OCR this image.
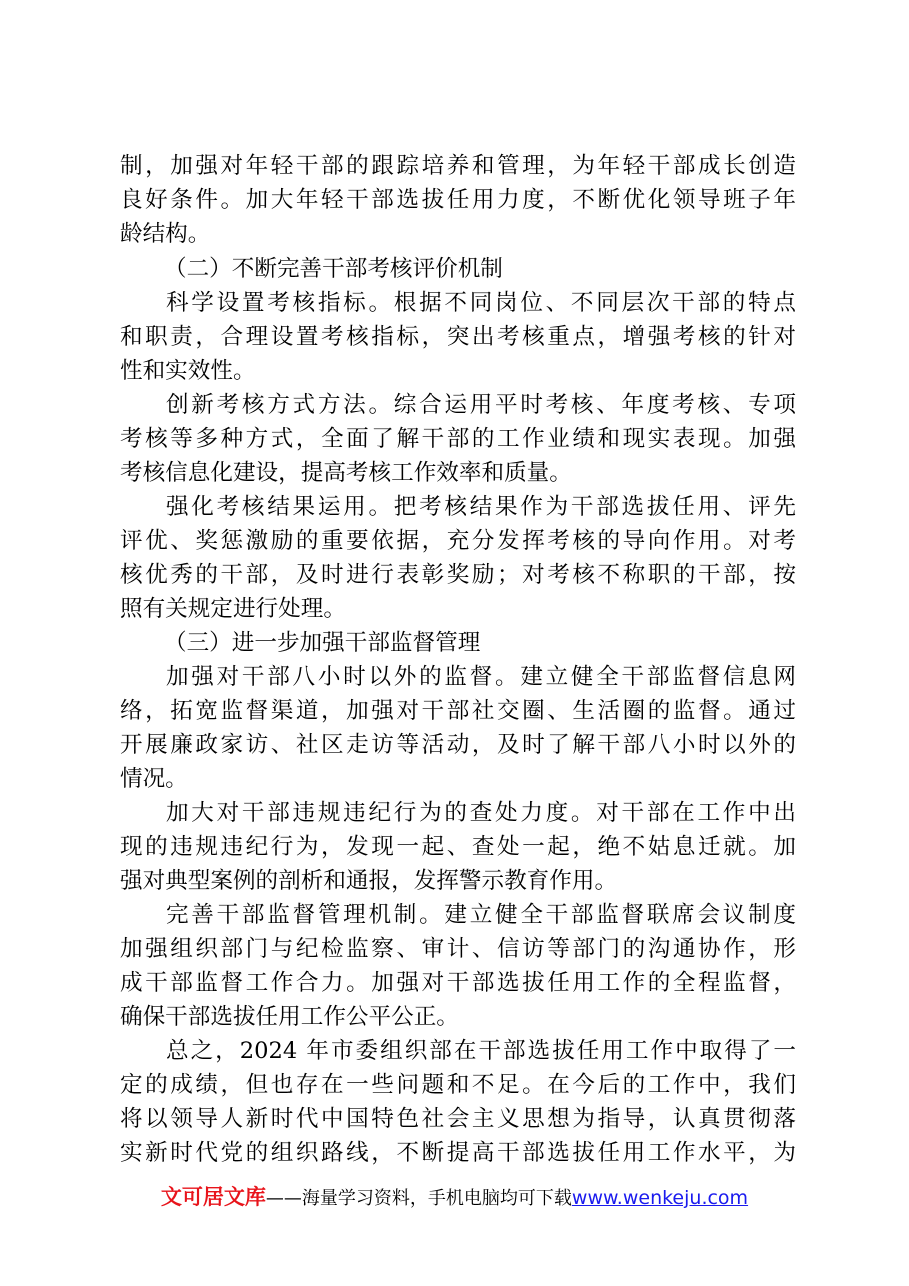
制，加强对年轻干部的跟踪培养和管理，为年轻干部成长创造
良好条件。加大年轻干部选拔任用力度，不断优化领导班子年
龄结构。
（二）不断完善干部考核评价机制
科学设置考核指标。根据不同岗位、不同层次干部的特点
和职责，合理设置考核指标，突出考核重点，增强考核的针对
性和实效性。
创新考核方式方法。综合运用平时考核、年度考核、专项
考核等多种方式，全面了解干部的工作业绩和现实表现。加强
考核信息化建设，提高考核工作效率和质量。
强化考核结果运用。把考核结果作为干部选拔任用、评先
评优、奖惩激励的重要依据，充分发挥考核的导向作用。对考
核优秀的干部，及时进行表彰奖励；对考核不称职的干部，按
照有关规定进行处理。
（三）进一步加强干部监督管理
加强对干部八小时以外的监督。建立健全干部监督信息网
络，拓宽监督渠道，加强对干部社交圈、生活圈的监督。通过
开展廉政家访、社区走访等活动，及时了解干部八小时以外的
情况。
加大对干部违规违纪行为的查处力度。对干部在工作中出
现的违规违纪行为，发现一起、查处一起，绝不姑息迁就。加
强对典型案例的剖析和通报，发挥警示教育作用。
完善干部监督管理机制。建立健全干部监督联席会议制度
加强组织部门与纪检监察、审计、信访等部门的沟通协作，形
成干部监督工作合力。加强对干部选拔任用工作的全程监督，
确保干部选拔任用工作公平公正。
总之，2024 年市委组织部在干部选拔任用工作中取得了一
定的成绩，但也存在一些问题和不足。在今后的工作中，我们
将以领导人新时代中国特色社会主义思想为指导，认真贯彻落
实新时代党的组织路线，不断提高干部选拔任用工作水平，为
文可居文库——海量学习资料，手机电脑均可下载www.wenkeju.com
